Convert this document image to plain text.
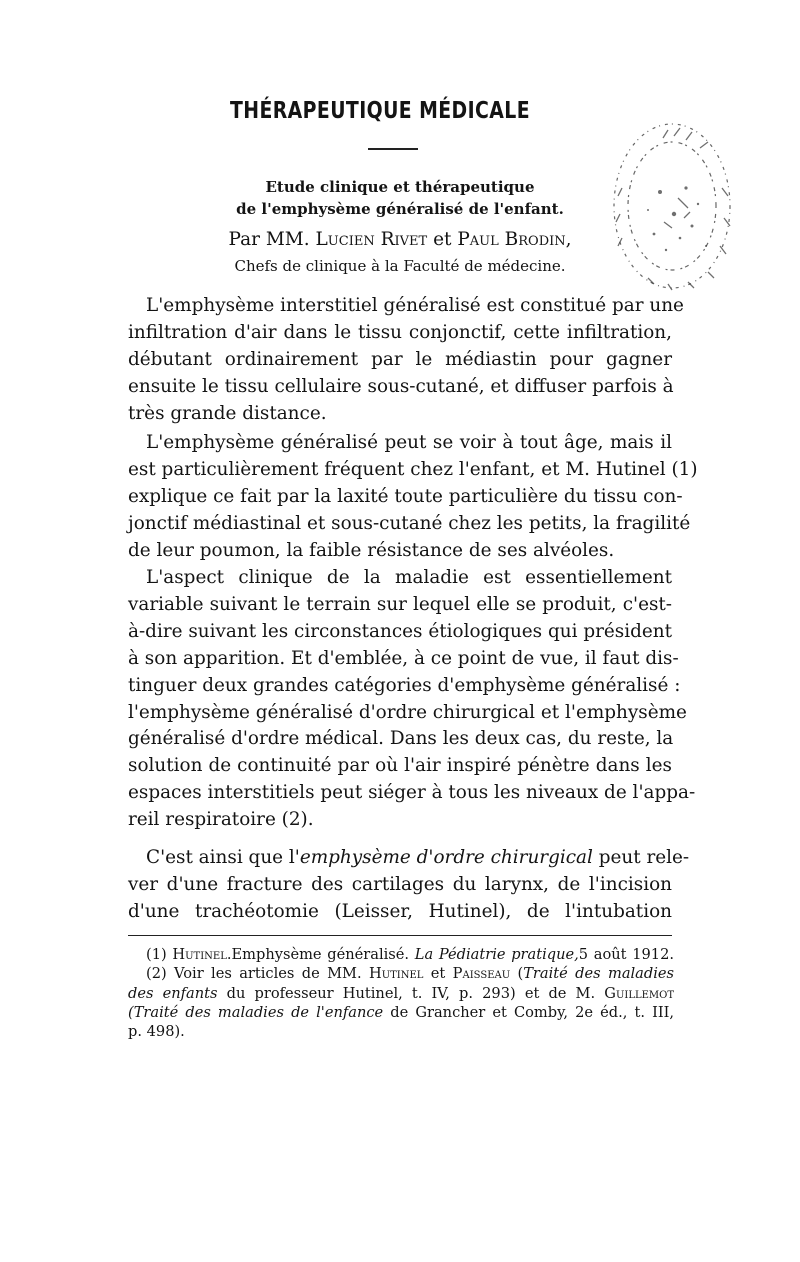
THÉRAPEUTIQUE MÉDICALE
Etude clinique et thérapeutique
de l'emphysème généralisé de l'enfant.
Par MM. Lucien Rivet et Paul Brodin,
Chefs de clinique à la Faculté de médecine.

L'emphysème interstitiel généralisé est constitué par une
infiltration d'air dans le tissu conjonctif, cette infiltration,
débutant ordinairement par le médiastin pour gagner
ensuite le tissu cellulaire sous-cutané, et diffuser parfois à
très grande distance.

L'emphysème généralisé peut se voir à tout âge, mais il
est particulièrement fréquent chez l'enfant, et M. Hutinel (1)
explique ce fait par la laxité toute particulière du tissu con-
jonctif médiastinal et sous-cutané chez les petits, la fragilité
de leur poumon, la faible résistance de ses alvéoles.

L'aspect clinique de la maladie est essentiellement
variable suivant le terrain sur lequel elle se produit, c'est-
à-dire suivant les circonstances étiologiques qui président
à son apparition. Et d'emblée, à ce point de vue, il faut dis-
tinguer deux grandes catégories d'emphysème généralisé :
l'emphysème généralisé d'ordre chirurgical et l'emphysème
généralisé d'ordre médical. Dans les deux cas, du reste, la
solution de continuité par où l'air inspiré pénètre dans les
espaces interstitiels peut siéger à tous les niveaux de l'appa-
reil respiratoire (2).

C'est ainsi que l'emphysème d'ordre chirurgical peut rele-
ver d'une fracture des cartilages du larynx, de l'incision
d'une trachéotomie (Leisser, Hutinel), de l'intubation

(1) Hutinel.Emphysème généralisé. La Pédiatrie pratique,5 août 1912.
(2) Voir les articles de MM. Hutinel et Paisseau (Traité des maladies
des enfants du professeur Hutinel, t. IV, p. 293) et de M. Guillemot
(Traité des maladies de l'enfance de Grancher et Comby, 2e éd., t. III,
p. 498).
